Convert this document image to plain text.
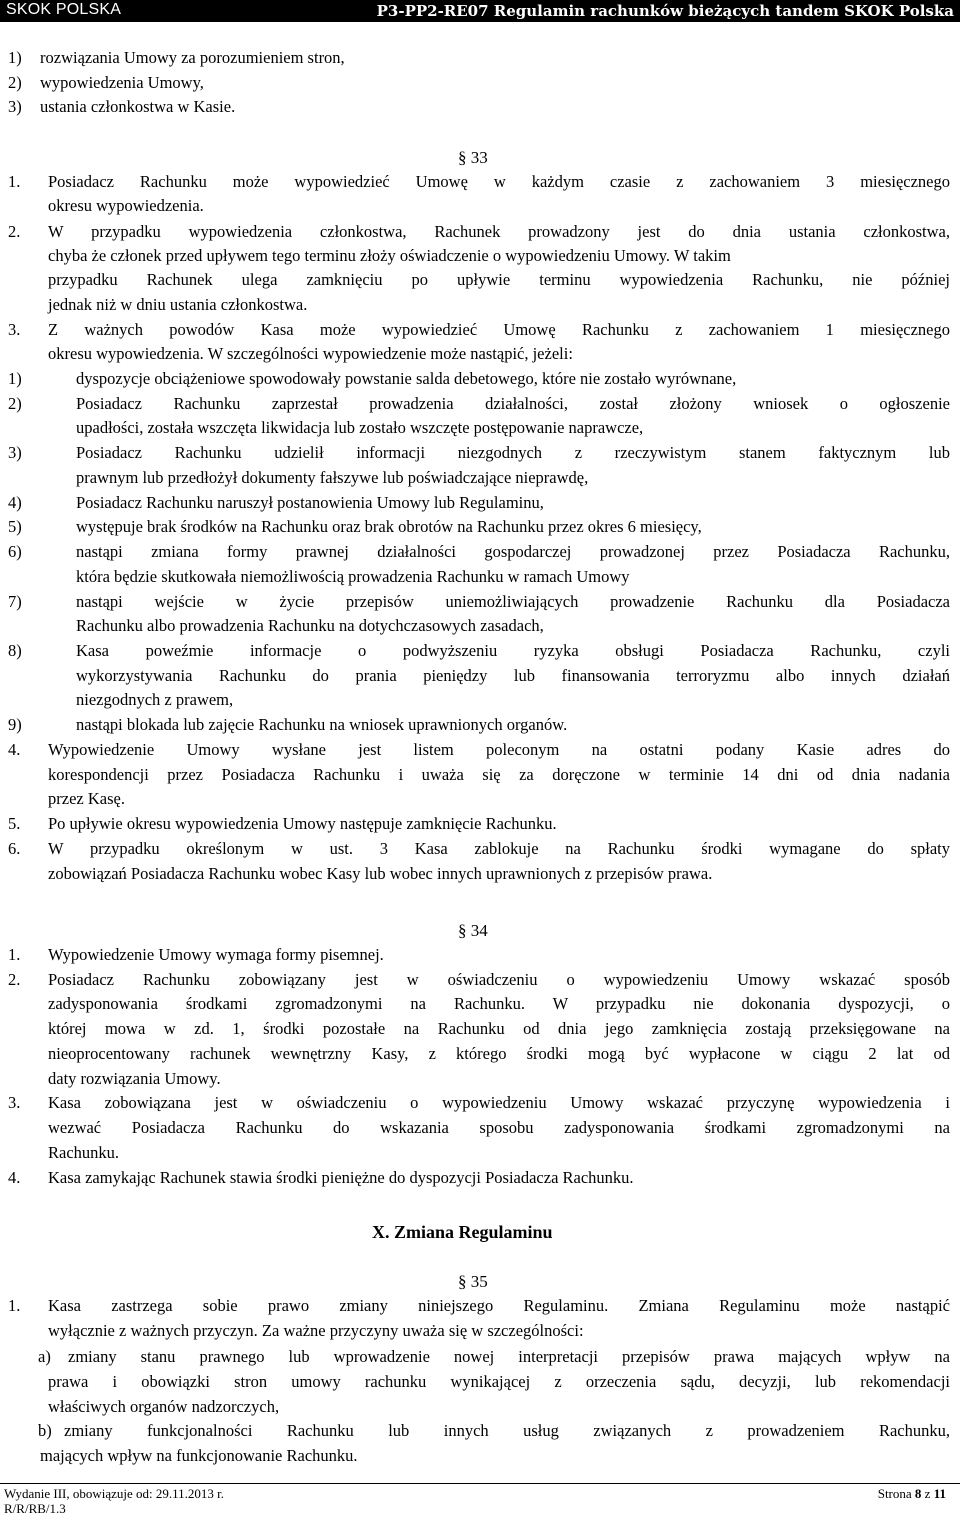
SKOK POLSKA	P3-PP2-RE07 Regulamin rachunków bieżących tandem SKOK Polska
1) rozwiązania Umowy za porozumieniem stron,
2) wypowiedzenia Umowy,
3) ustania członkostwa w Kasie.
1. Posiadacz Rachunku może wypowiedzieć Umowę w każdym czasie z zachowaniem 3 miesięcznego
okresu wypowiedzenia.
2. W przypadku wypowiedzenia członkostwa, Rachunek prowadzony jest do dnia ustania członkostwa,
chyba że członek przed upływem tego terminu złoży oświadczenie o wypowiedzeniu Umowy. W takim
przypadku Rachunek ulega zamknięciu po upływie terminu wypowiedzenia Rachunku, nie później
jednak niż w dniu ustania członkostwa.
3. Z ważnych powodów Kasa może wypowiedzieć Umowę Rachunku z zachowaniem 1 miesięcznego
okresu wypowiedzenia. W szczególności wypowiedzenie może nastąpić, jeżeli:
1)	dyspozycje obciążeniowe spowodowały powstanie salda debetowego, które nie zostało wyrównane,
2)	Posiadacz Rachunku zaprzestał prowadzenia działalności, został złożony wniosek o ogłoszenie
upadłości, została wszczęta likwidacja lub zostało wszczęte postępowanie naprawcze,
3)	Posiadacz Rachunku udzielił informacji niezgodnych z rzeczywistym stanem faktycznym lub
prawnym lub przedłożył dokumenty fałszywe lub poświadczające nieprawdę,
4)	Posiadacz Rachunku naruszył postanowienia Umowy lub Regulaminu,
5)	występuje brak środków na Rachunku oraz brak obrotów na Rachunku przez okres 6 miesięcy,
6)	nastąpi zmiana formy prawnej działalności gospodarczej prowadzonej przez Posiadacza Rachunku,
która będzie skutkowała niemożliwością prowadzenia Rachunku w ramach Umowy
7)	nastąpi wejście w życie przepisów uniemożliwiających prowadzenie Rachunku dla Posiadacza
Rachunku albo prowadzenia Rachunku na dotychczasowych zasadach,
8)	Kasa poweźmie informacje o podwyższeniu ryzyka obsługi Posiadacza Rachunku, czyli
wykorzystywania Rachunku do prania pieniędzy lub finansowania terroryzmu albo innych działań
niezgodnych z prawem,
9)	nastąpi blokada lub zajęcie Rachunku na wniosek uprawnionych organów.
4. Wypowiedzenie Umowy wysłane jest listem poleconym na ostatni podany Kasie adres do
korespondencji przez Posiadacza Rachunku i uważa się za doręczone w terminie 14 dni od dnia nadania
przez Kasę.
5. Po upływie okresu wypowiedzenia Umowy następuje zamknięcie Rachunku.
6. W przypadku określonym w ust. 3 Kasa zablokuje na Rachunku środki wymagane do spłaty
zobowiązań Posiadacza Rachunku wobec Kasy lub wobec innych uprawnionych z przepisów prawa.
1. Wypowiedzenie Umowy wymaga formy pisemnej.
2. Posiadacz Rachunku zobowiązany jest w oświadczeniu o wypowiedzeniu Umowy wskazać sposób
zadysponowania środkami zgromadzonymi na Rachunku. W przypadku nie dokonania dyspozycji, o
której mowa w zd. 1, środki pozostałe na Rachunku od dnia jego zamknięcia zostają przeksięgowane na
nieoprocentowany rachunek wewnętrzny Kasy, z którego środki mogą być wypłacone w ciągu 2 lat od
daty rozwiązania Umowy.
3. Kasa zobowiązana jest w oświadczeniu o wypowiedzeniu Umowy wskazać przyczynę wypowiedzenia i
wezwać Posiadacza Rachunku do wskazania sposobu zadysponowania środkami zgromadzonymi na
Rachunku.
4. Kasa zamykając Rachunek stawia środki pieniężne do dyspozycji Posiadacza Rachunku.
1. Kasa zastrzega sobie prawo zmiany niniejszego Regulaminu. Zmiana Regulaminu może nastąpić
wyłącznie z ważnych przyczyn. Za ważne przyczyny uważa się w szczególności:
a) zmiany stanu prawnego lub wprowadzenie nowej interpretacji przepisów prawa mających wpływ na
prawa i obowiązki stron umowy rachunku wynikającej z orzeczenia sądu, decyzji, lub rekomendacji
właściwych organów nadzorczych,
b) zmiany funkcjonalności Rachunku lub innych usług związanych z prowadzeniem Rachunku,
mających wpływ na funkcjonowanie Rachunku.
§ 33
§ 34
§ 35
X. Zmiana Regulaminu
Wydanie III, obowiązuje od: 29.11.2013 r.
R/R/RB/1.3
Strona 8 z 11
